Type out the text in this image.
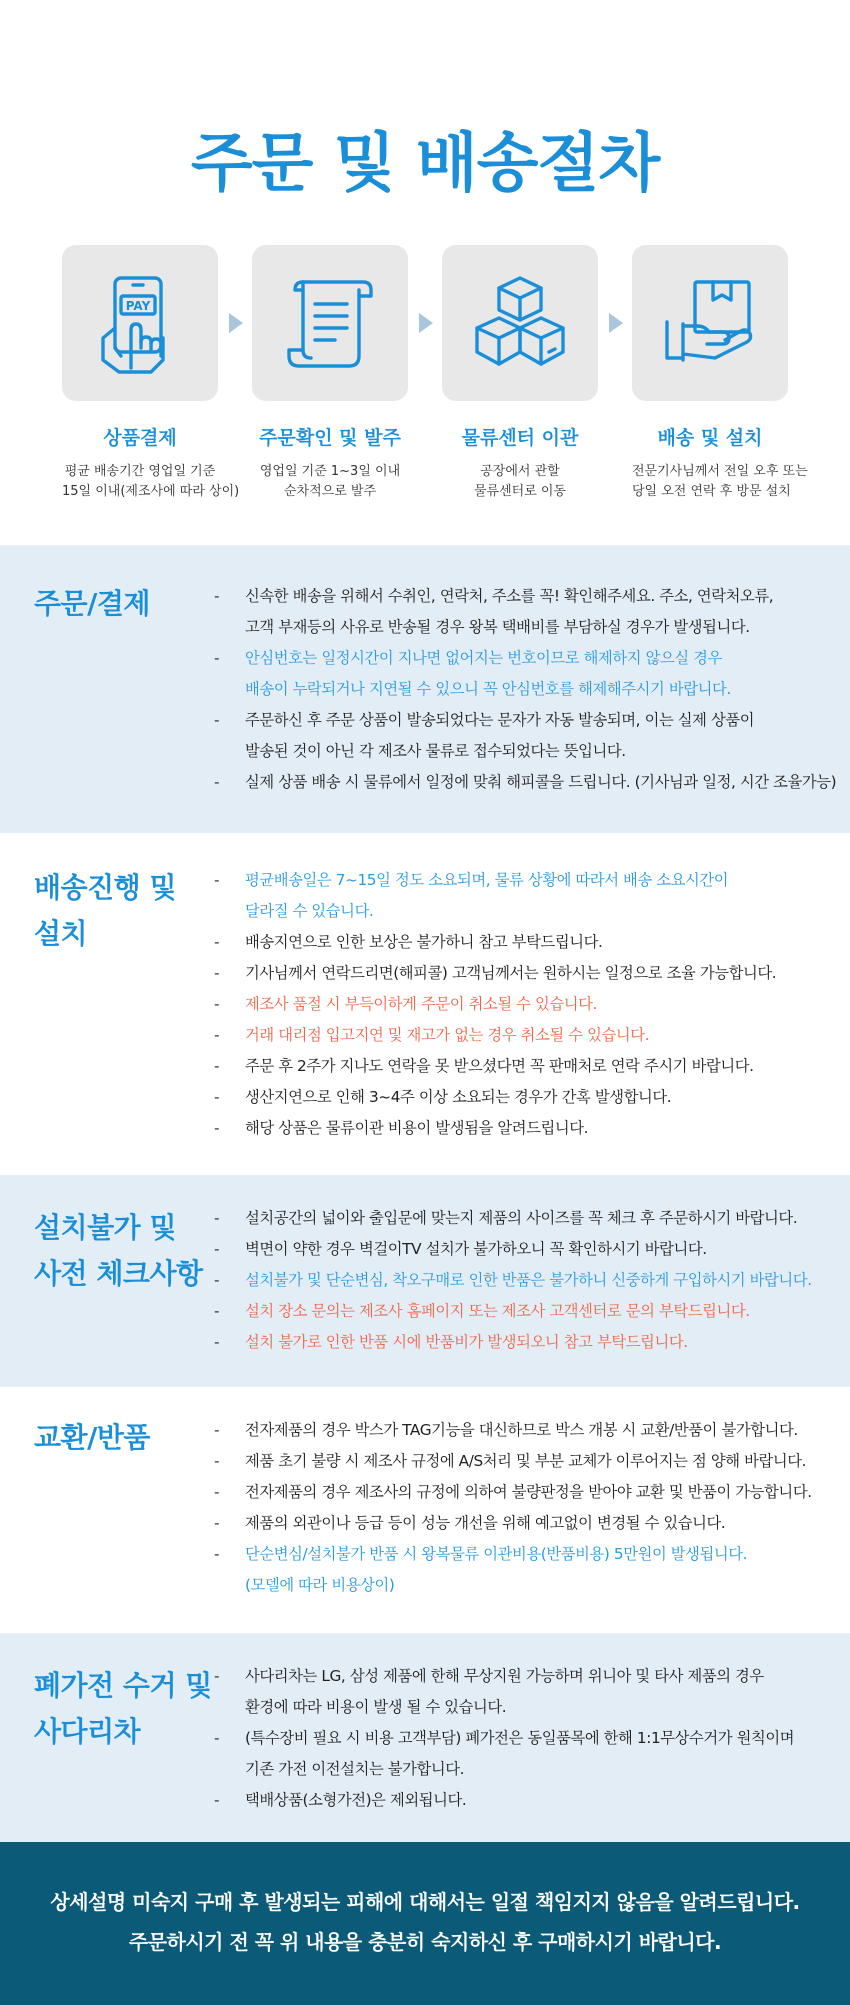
주문 및 배송절차
PAY
상품결제
평균 배송기간 영업일 기준
15일 이내(제조사에 따라 상이)
주문확인 및 발주
영업일 기준 1~3일 이내
순차적으로 발주
물류센터 이관
공장에서 관할
물류센터로 이동
배송 및 설치
전문기사님께서 전일 오후 또는
당일 오전 연락 후 방문 설치
주문/결제	- 신속한 배송을 위해서 수취인, 연락처, 주소를 꼭! 확인해주세요. 주소, 연락처오류,
고객 부재등의 사유로 반송될 경우 왕복 택배비를 부담하실 경우가 발생됩니다.
- 안심번호는 일정시간이 지나면 없어지는 번호이므로 해제하지 않으실 경우
배송이 누락되거나 지연될 수 있으니 꼭 안심번호를 해제해주시기 바랍니다.
- 주문하신 후 주문 상품이 발송되었다는 문자가 자동 발송되며, 이는 실제 상품이
발송된 것이 아닌 각 제조사 물류로 접수되었다는 뜻입니다.
- 실제 상품 배송 시 물류에서 일정에 맞춰 해피콜을 드립니다. (기사님과 일정, 시간 조율가능)
배송진행 및
설치
- 평균배송일은 7~15일 정도 소요되며, 물류 상황에 따라서 배송 소요시간이
달라질 수 있습니다.
- 배송지연으로 인한 보상은 불가하니 참고 부탁드립니다.
- 기사님께서 연락드리면(해피콜) 고객님께서는 원하시는 일정으로 조율 가능합니다.
- 제조사 품절 시 부득이하게 주문이 취소될 수 있습니다.
- 거래 대리점 입고지연 및 재고가 없는 경우 취소될 수 있습니다.
- 주문 후 2주가 지나도 연락을 못 받으셨다면 꼭 판매처로 연락 주시기 바랍니다.
- 생산지연으로 인해 3~4주 이상 소요되는 경우가 간혹 발생합니다.
- 해당 상품은 물류이관 비용이 발생됨을 알려드립니다.
설치불가 및
사전 체크사항
- 설치공간의 넓이와 출입문에 맞는지 제품의 사이즈를 꼭 체크 후 주문하시기 바랍니다.
- 벽면이 약한 경우 벽걸이TV 설치가 불가하오니 꼭 확인하시기 바랍니다.
- 설치불가 및 단순변심, 착오구매로 인한 반품은 불가하니 신중하게 구입하시기 바랍니다.
- 설치 장소 문의는 제조사 홈페이지 또는 제조사 고객센터로 문의 부탁드립니다.
- 설치 불가로 인한 반품 시에 반품비가 발생되오니 참고 부탁드립니다.
교환/반품	- 전자제품의 경우 박스가 TAG기능을 대신하므로 박스 개봉 시 교환/반품이 불가합니다.
- 제품 초기 불량 시 제조사 규정에 A/S처리 및 부분 교체가 이루어지는 점 양해 바랍니다.
- 전자제품의 경우 제조사의 규정에 의하여 불량판정을 받아야 교환 및 반품이 가능합니다.
- 제품의 외관이나 등급 등이 성능 개선을 위해 예고없이 변경될 수 있습니다.
- 단순변심/설치불가 반품 시 왕복물류 이관비용(반품비용) 5만원이 발생됩니다.
(모델에 따라 비용상이)
폐가전 수거 및
사다리차
- 사다리차는 LG, 삼성 제품에 한해 무상지원 가능하며 위니아 및 타사 제품의 경우
환경에 따라 비용이 발생 될 수 있습니다.
- (특수장비 필요 시 비용 고객부담) 폐가전은 동일품목에 한해 1:1무상수거가 원칙이며
기존 가전 이전설치는 불가합니다.
- 택배상품(소형가전)은 제외됩니다.

상세설명 미숙지 구매 후 발생되는 피해에 대해서는 일절 책임지지 않음을 알려드립니다.

주문하시기 전 꼭 위 내용을 충분히 숙지하신 후 구매하시기 바랍니다.
